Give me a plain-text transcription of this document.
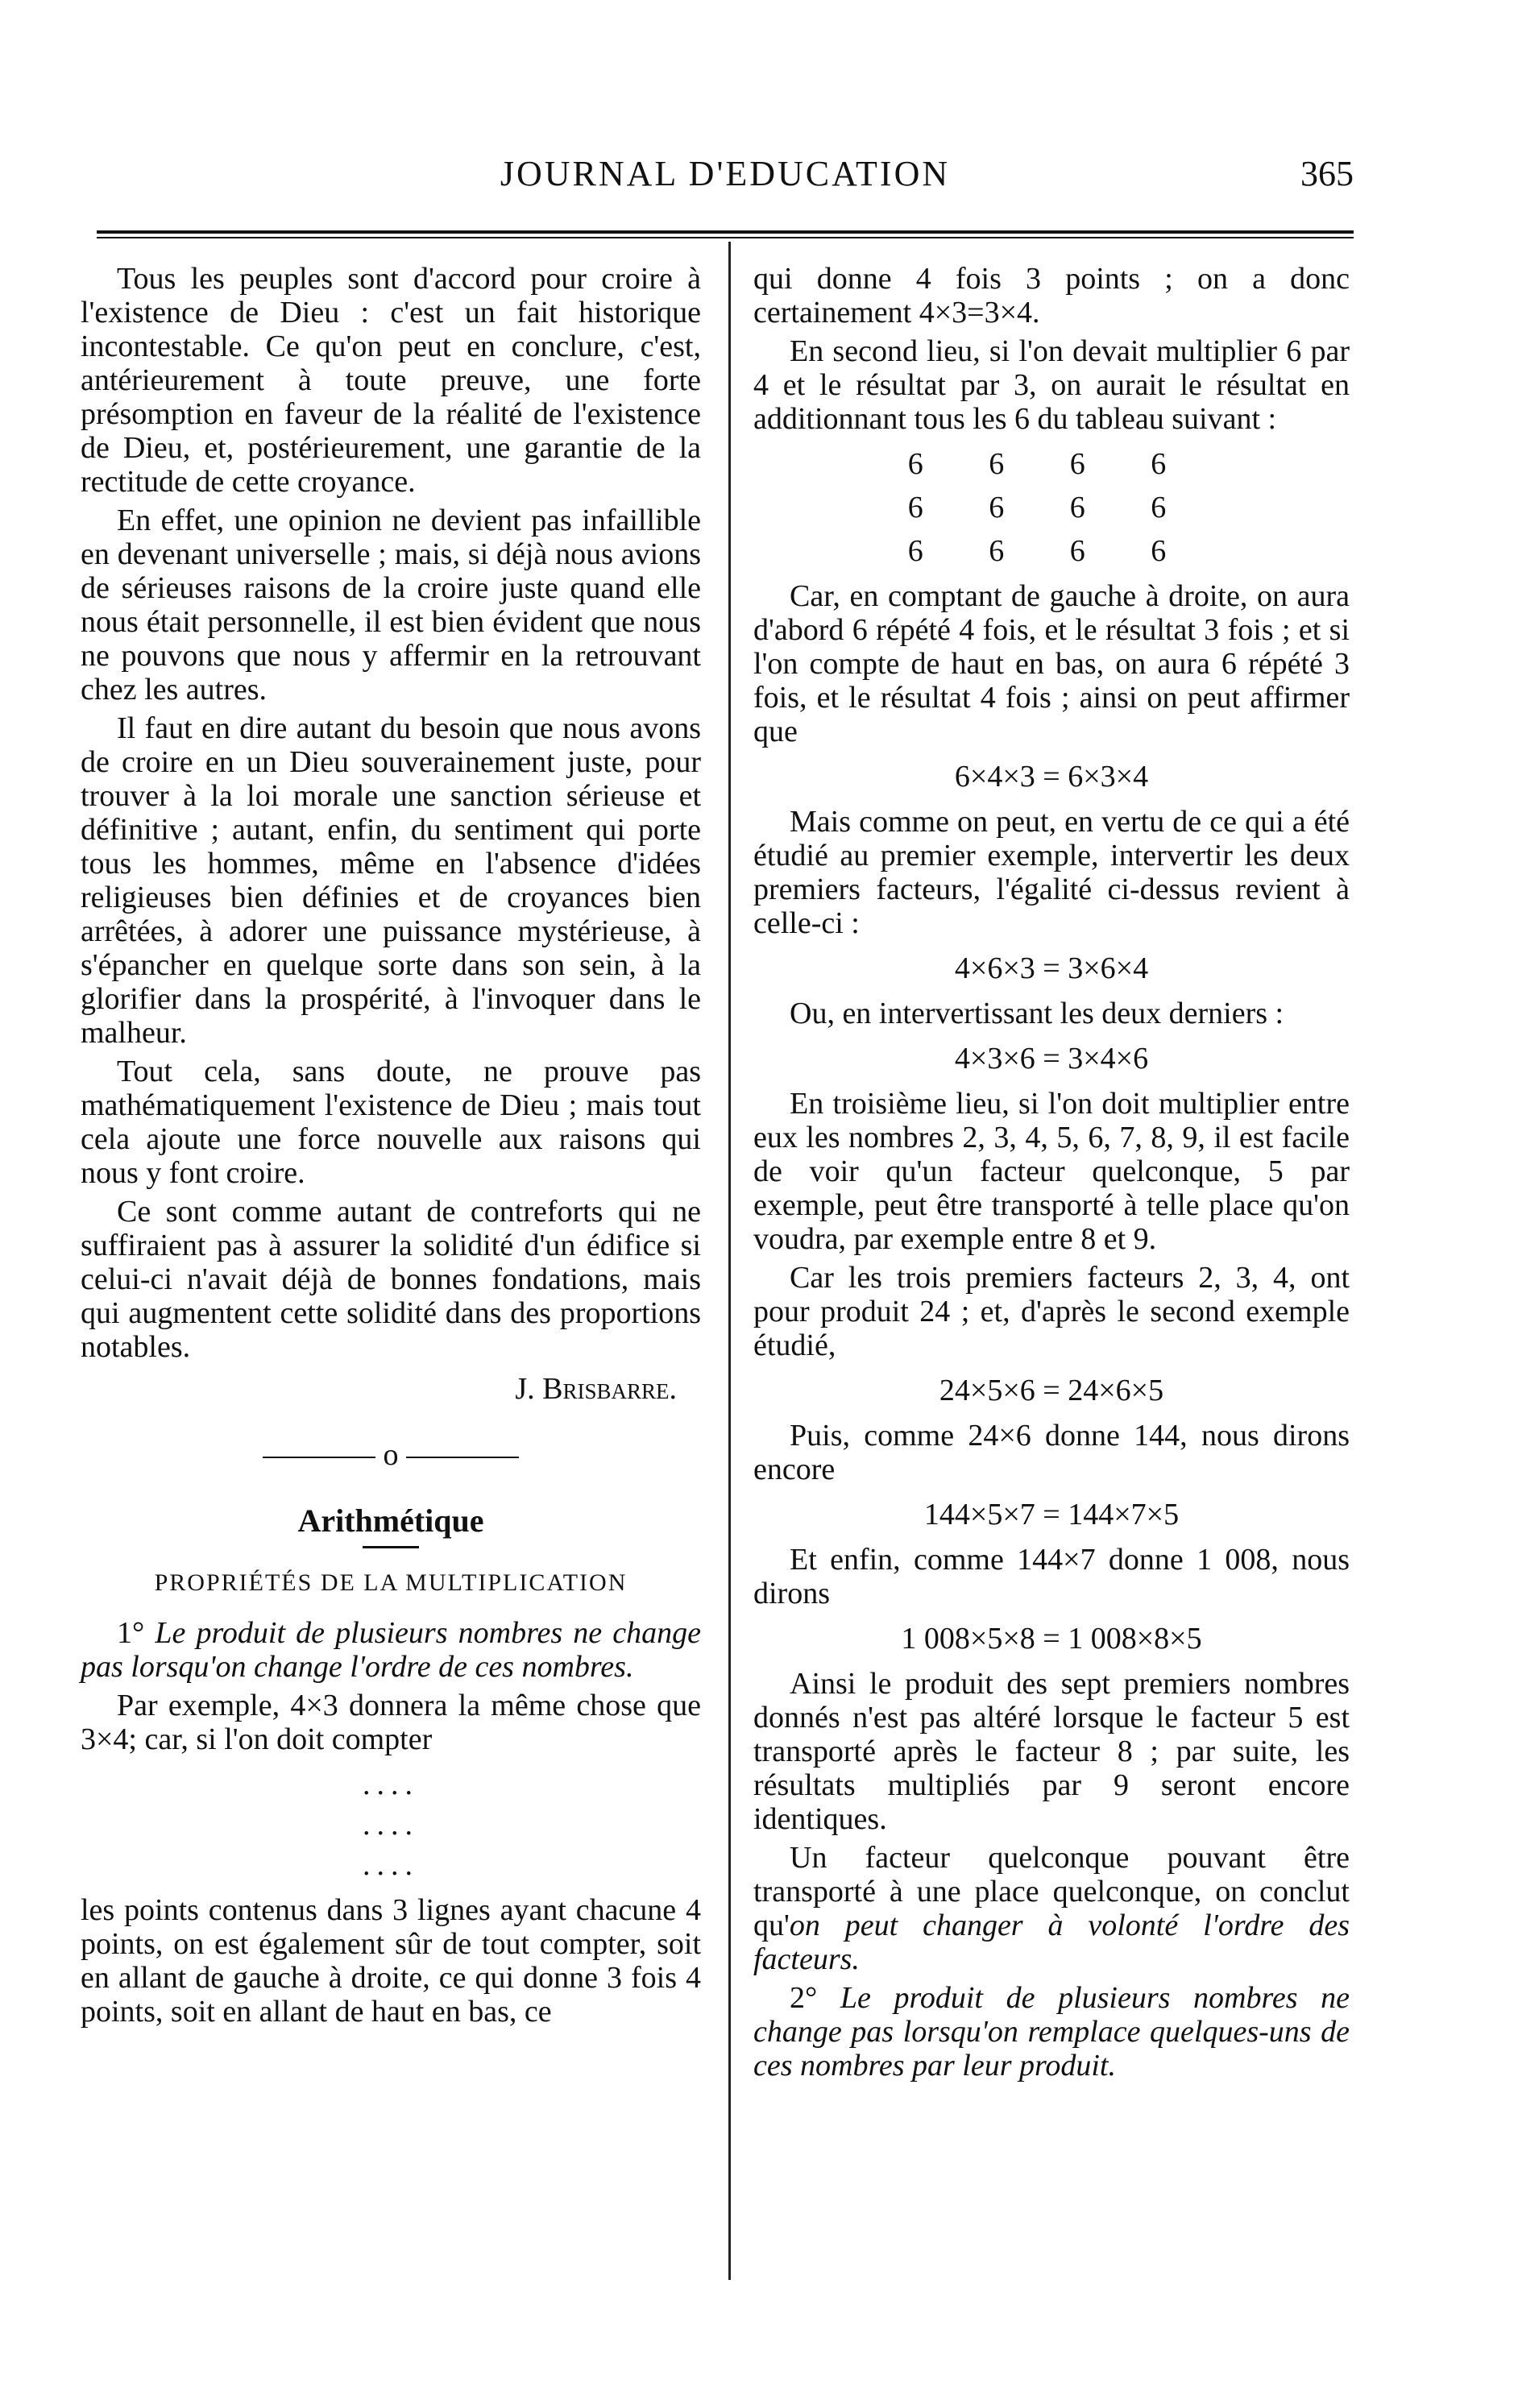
JOURNAL D'EDUCATION	365

Tous les peuples sont d'accord pour croire à l'existence de Dieu : c'est un fait historique incontestable. Ce qu'on peut en conclure, c'est, antérieurement à toute preuve, une forte présomption en faveur de la réalité de l'existence de Dieu, et, postérieurement, une garantie de la rectitude de cette croyance.

En effet, une opinion ne devient pas infaillible en devenant universelle ; mais, si déjà nous avions de sérieuses raisons de la croire juste quand elle nous était personnelle, il est bien évident que nous ne pouvons que nous y affermir en la retrouvant chez les autres.

Il faut en dire autant du besoin que nous avons de croire en un Dieu souverainement juste, pour trouver à la loi morale une sanction sérieuse et définitive ; autant, enfin, du sentiment qui porte tous les hommes, même en l'absence d'idées religieuses bien définies et de croyances bien arrêtées, à adorer une puissance mystérieuse, à s'épancher en quelque sorte dans son sein, à la glorifier dans la prospérité, à l'invoquer dans le malheur.

Tout cela, sans doute, ne prouve pas mathématiquement l'existence de Dieu ; mais tout cela ajoute une force nouvelle aux raisons qui nous y font croire.

Ce sont comme autant de contreforts qui ne suffiraient pas à assurer la solidité d'un édifice si celui-ci n'avait déjà de bonnes fondations, mais qui augmentent cette solidité dans des proportions notables.

J. Brisbarre.

o
Arithmétique
PROPRIÉTÉS DE LA MULTIPLICATION

1° Le produit de plusieurs nombres ne change pas lorsqu'on change l'ordre de ces nombres.

Par exemple, 4×3 donnera la même chose que 3×4; car, si l'on doit compter

....
....
....

les points contenus dans 3 lignes ayant chacune 4 points, on est également sûr de tout compter, soit en allant de gauche à droite, ce qui donne 3 fois 4 points, soit en allant de haut en bas, ce

qui donne 4 fois 3 points ; on a donc certainement 4×3=3×4.

En second lieu, si l'on devait multiplier 6 par 4 et le résultat par 3, on aurait le résultat en additionnant tous les 6 du tableau suivant :

6 6 6 6
6 6 6 6
6 6 6 6

Car, en comptant de gauche à droite, on aura d'abord 6 répété 4 fois, et le résultat 3 fois ; et si l'on compte de haut en bas, on aura 6 répété 3 fois, et le résultat 4 fois ; ainsi on peut affirmer que

6×4×3 = 6×3×4

Mais comme on peut, en vertu de ce qui a été étudié au premier exemple, intervertir les deux premiers facteurs, l'égalité ci-dessus revient à celle-ci :

4×6×3 = 3×6×4

Ou, en intervertissant les deux derniers :

4×3×6 = 3×4×6

En troisième lieu, si l'on doit multiplier entre eux les nombres 2, 3, 4, 5, 6, 7, 8, 9, il est facile de voir qu'un facteur quelconque, 5 par exemple, peut être transporté à telle place qu'on voudra, par exemple entre 8 et 9.

Car les trois premiers facteurs 2, 3, 4, ont pour produit 24 ; et, d'après le second exemple étudié,

24×5×6 = 24×6×5

Puis, comme 24×6 donne 144, nous dirons encore

144×5×7 = 144×7×5

Et enfin, comme 144×7 donne 1 008, nous dirons

1 008×5×8 = 1 008×8×5

Ainsi le produit des sept premiers nombres donnés n'est pas altéré lorsque le facteur 5 est transporté après le facteur 8 ; par suite, les résultats multipliés par 9 seront encore identiques.

Un facteur quelconque pouvant être transporté à une place quelconque, on conclut qu'on peut changer à volonté l'ordre des facteurs.

2° Le produit de plusieurs nombres ne change pas lorsqu'on remplace quelques-uns de ces nombres par leur produit.
